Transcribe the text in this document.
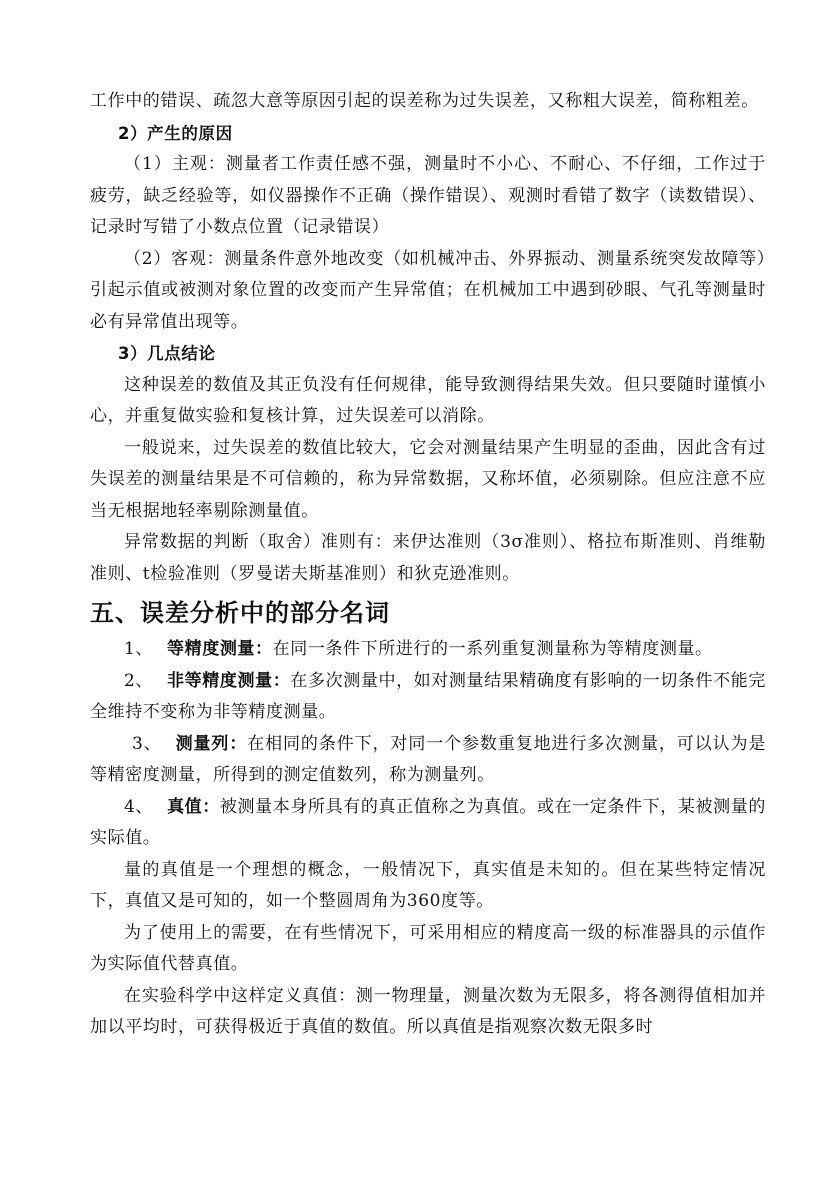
工作中的错误、疏忽大意等原因引起的误差称为过失误差，又称粗大误差，简称粗差。

2）产生的原因

（1）主观：测量者工作责任感不强，测量时不小心、不耐心、不仔细，工作过于疲劳，缺乏经验等，如仪器操作不正确（操作错误）、观测时看错了数字（读数错误）、记录时写错了小数点位置（记录错误）

（2）客观：测量条件意外地改变（如机械冲击、外界振动、测量系统突发故障等）引起示值或被测对象位置的改变而产生异常值；在机械加工中遇到砂眼、气孔等测量时必有异常值出现等。

3）几点结论

这种误差的数值及其正负没有任何规律，能导致测得结果失效。但只要随时谨慎小心，并重复做实验和复核计算，过失误差可以消除。

一般说来，过失误差的数值比较大，它会对测量结果产生明显的歪曲，因此含有过失误差的测量结果是不可信赖的，称为异常数据，又称坏值，必须剔除。但应注意不应当无根据地轻率剔除测量值。

异常数据的判断（取舍）准则有：来伊达准则（3σ准则）、格拉布斯准则、肖维勒准则、t检验准则（罗曼诺夫斯基准则）和狄克逊准则。

五、误差分析中的部分名词

1、 等精度测量：在同一条件下所进行的一系列重复测量称为等精度测量。

2、 非等精度测量：在多次测量中，如对测量结果精确度有影响的一切条件不能完全维持不变称为非等精度测量。

3、 测量列：在相同的条件下，对同一个参数重复地进行多次测量，可以认为是等精密度测量，所得到的测定值数列，称为测量列。

4、 真值：被测量本身所具有的真正值称之为真值。或在一定条件下，某被测量的实际值。

量的真值是一个理想的概念，一般情况下，真实值是未知的。但在某些特定情况下，真值又是可知的，如一个整圆周角为360度等。

为了使用上的需要，在有些情况下，可采用相应的精度高一级的标准器具的示值作为实际值代替真值。

在实验科学中这样定义真值：测一物理量，测量次数为无限多，将各测得值相加并加以平均时，可获得极近于真值的数值。所以真值是指观察次数无限多时
